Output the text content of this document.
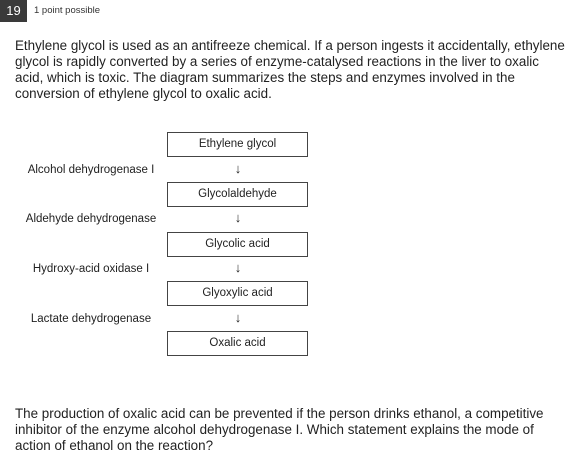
19	1 point possible

Ethylene glycol is used as an antifreeze chemical. If a person ingests it accidentally, ethylene glycol is rapidly converted by a series of enzyme-catalysed reactions in the liver to oxalic acid, which is toxic. The diagram summarizes the steps and enzymes involved in the conversion of ethylene glycol to oxalic acid.

Ethylene glycol
↓
Alcohol dehydrogenase I
Glycolaldehyde
↓
Aldehyde dehydrogenase
Glycolic acid
↓
Hydroxy-acid oxidase I
Glyoxylic acid
↓
Lactate dehydrogenase
Oxalic acid

The production of oxalic acid can be prevented if the person drinks ethanol, a competitive inhibitor of the enzyme alcohol dehydrogenase I. Which statement explains the mode of action of ethanol on the reaction?
